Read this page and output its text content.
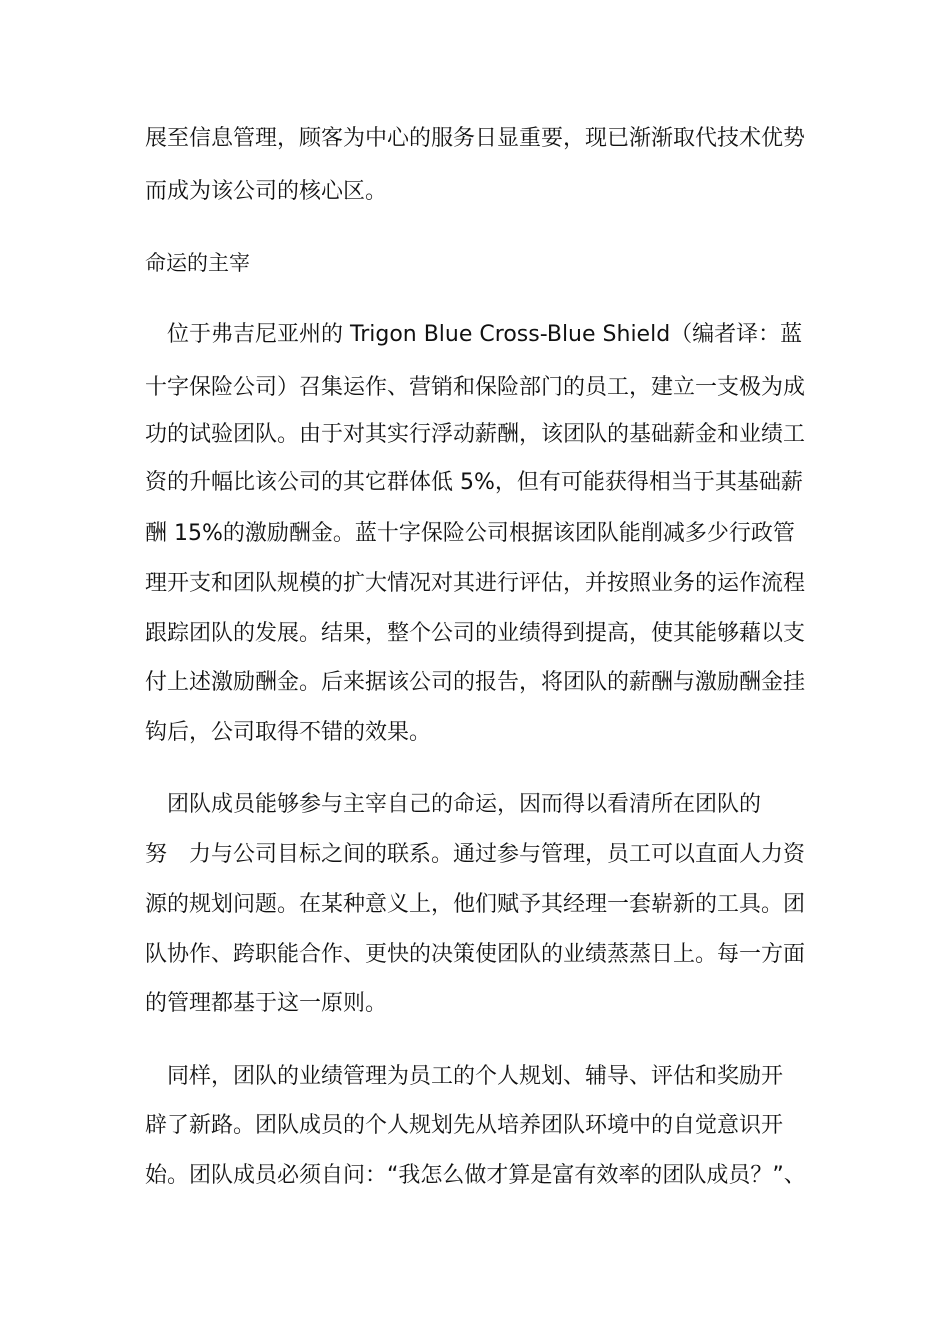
展至信息管理，顾客为中心的服务日显重要，现已渐渐取代技术优势
而成为该公司的核心区。
命运的主宰
　位于弗吉尼亚州的 Trigon Blue Cross-Blue Shield（编者译：蓝
十字保险公司）召集运作、营销和保险部门的员工，建立一支极为成
功的试验团队。由于对其实行浮动薪酬，该团队的基础薪金和业绩工
资的升幅比该公司的其它群体低 5%，但有可能获得相当于其基础薪
酬 15%的激励酬金。蓝十字保险公司根据该团队能削减多少行政管
理开支和团队规模的扩大情况对其进行评估，并按照业务的运作流程
跟踪团队的发展。结果，整个公司的业绩得到提高，使其能够藉以支
付上述激励酬金。后来据该公司的报告，将团队的薪酬与激励酬金挂
钩后，公司取得不错的效果。
　团队成员能够参与主宰自己的命运，因而得以看清所在团队的
努　力与公司目标之间的联系。通过参与管理，员工可以直面人力资
源的规划问题。在某种意义上，他们赋予其经理一套崭新的工具。团
队协作、跨职能合作、更快的决策使团队的业绩蒸蒸日上。每一方面
的管理都基于这一原则。
　同样，团队的业绩管理为员工的个人规划、辅导、评估和奖励开
辟了新路。团队成员的个人规划先从培养团队环境中的自觉意识开
始。团队成员必须自问：“我怎么做才算是富有效率的团队成员？”、
